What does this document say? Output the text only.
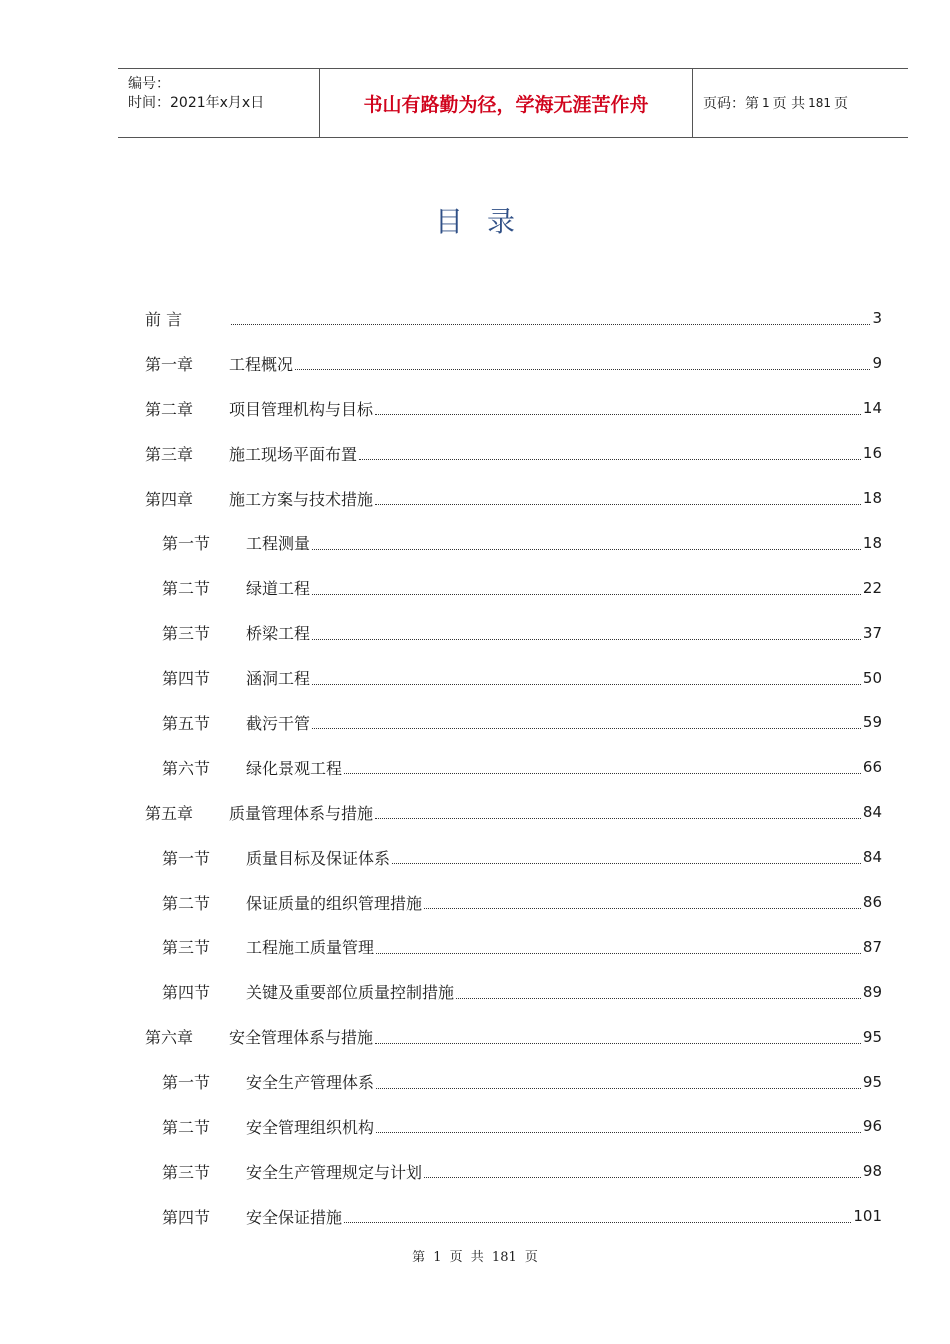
编号：
时间：2021年x月x日	书山有路勤为径，学海无涯苦作舟	页码：第 1 页 共 181 页
目录
前 言	3
第一章 工程概况	9
第二章 项目管理机构与目标	14
第三章 施工现场平面布置	16
第四章 施工方案与技术措施	18
第一节 工程测量	18
第二节 绿道工程	22
第三节 桥梁工程	37
第四节 涵洞工程	50
第五节 截污干管	59
第六节 绿化景观工程	66
第五章 质量管理体系与措施	84
第一节 质量目标及保证体系	84
第二节 保证质量的组织管理措施	86
第三节 工程施工质量管理	87
第四节 关键及重要部位质量控制措施	89
第六章 安全管理体系与措施	95
第一节 安全生产管理体系	95
第二节 安全管理组织机构	96
第三节 安全生产管理规定与计划	98
第四节 安全保证措施	101
第 1 页 共 181 页
